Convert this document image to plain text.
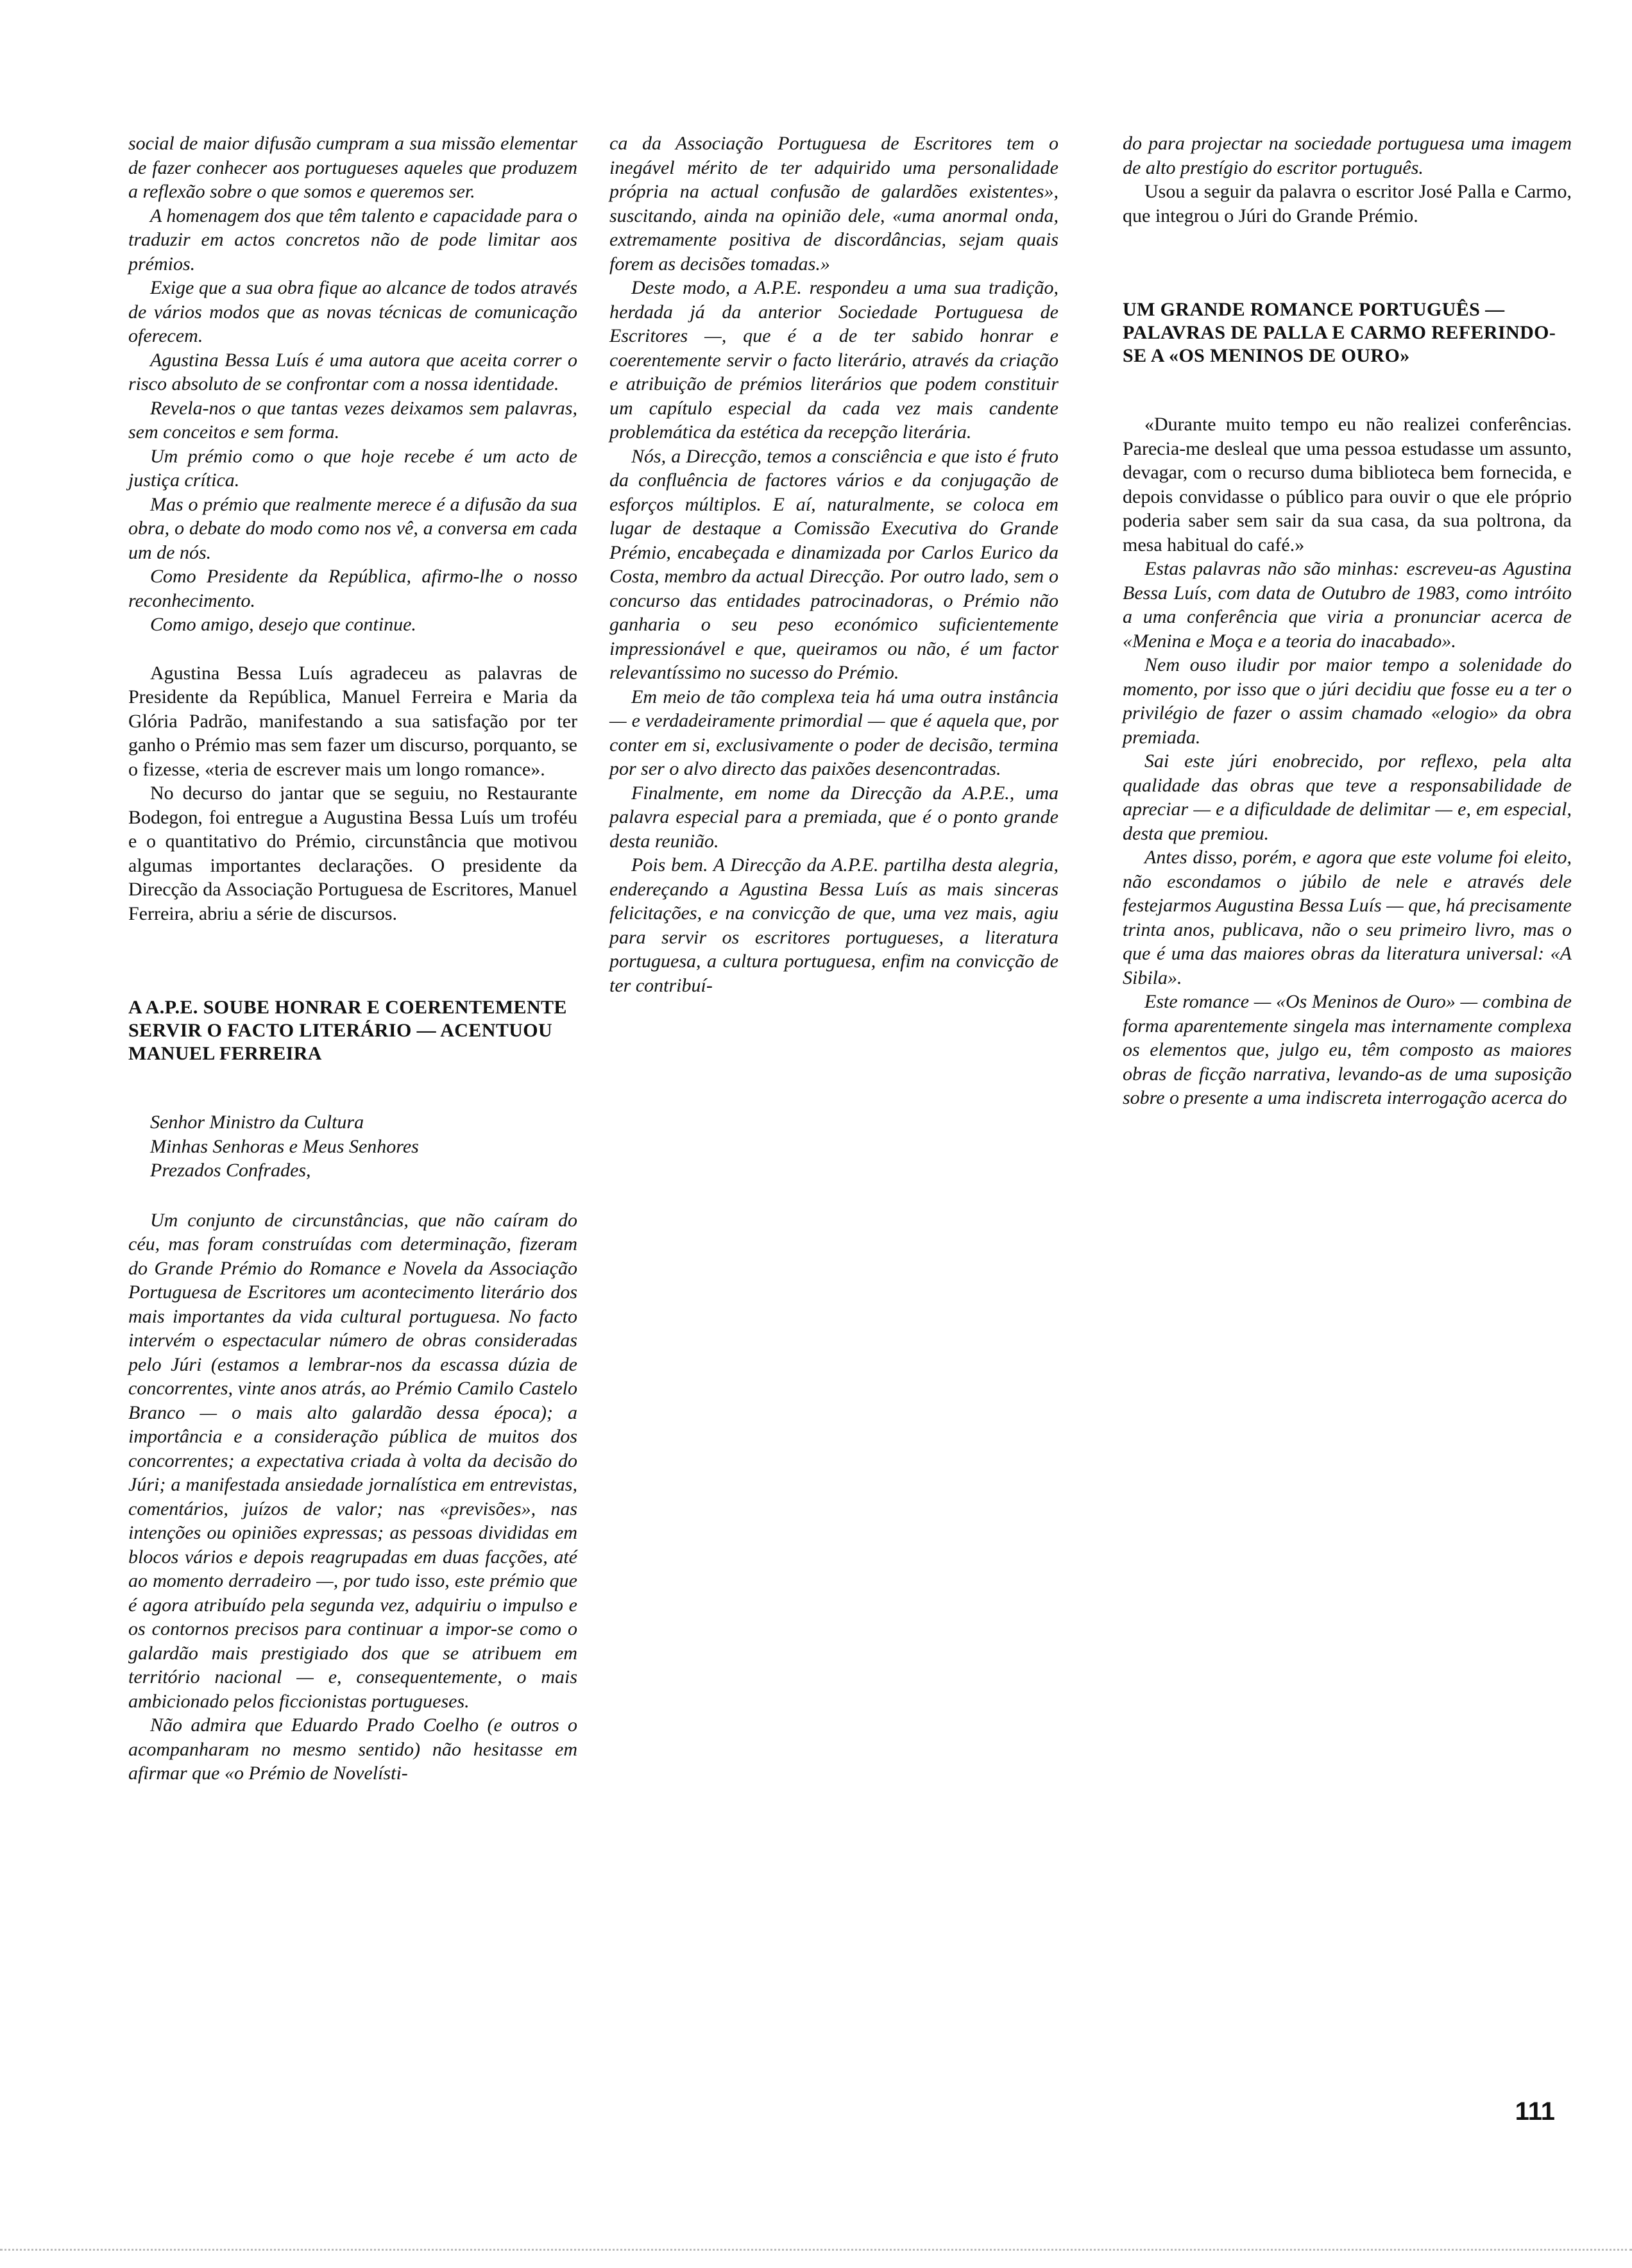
social de maior difusão cumpram a sua missão elementar de fazer conhecer aos portugueses aqueles que produzem a reflexão sobre o que somos e queremos ser.

A homenagem dos que têm talento e capacidade para o traduzir em actos concretos não de pode limitar aos prémios.

Exige que a sua obra fique ao alcance de todos através de vários modos que as novas técnicas de comunicação oferecem.

Agustina Bessa Luís é uma autora que aceita correr o risco absoluto de se confrontar com a nossa identidade.

Revela-nos o que tantas vezes deixamos sem palavras, sem conceitos e sem forma.

Um prémio como o que hoje recebe é um acto de justiça crítica.

Mas o prémio que realmente merece é a difusão da sua obra, o debate do modo como nos vê, a conversa em cada um de nós.

Como Presidente da República, afirmo-lhe o nosso reconhecimento.

Como amigo, desejo que continue.

Agustina Bessa Luís agradeceu as palavras de Presidente da República, Manuel Ferreira e Maria da Glória Padrão, manifestando a sua satisfação por ter ganho o Prémio mas sem fazer um discurso, porquanto, se o fizesse, «teria de escrever mais um longo romance».

No decurso do jantar que se seguiu, no Restaurante Bodegon, foi entregue a Augustina Bessa Luís um troféu e o quantitativo do Prémio, circunstância que motivou algumas importantes declarações. O presidente da Direcção da Associação Portuguesa de Escritores, Manuel Ferreira, abriu a série de discursos.

A A.P.E. SOUBE HONRAR E COERENTEMENTE SERVIR O FACTO LITERÁRIO — ACENTUOU MANUEL FERREIRA
Senhor Ministro da Cultura
Minhas Senhoras e Meus Senhores
Prezados Confrades,

Um conjunto de circunstâncias, que não caíram do céu, mas foram construídas com determinação, fizeram do Grande Prémio do Romance e Novela da Associação Portuguesa de Escritores um acontecimento literário dos mais importantes da vida cultural portuguesa. No facto intervém o espectacular número de obras consideradas pelo Júri (estamos a lembrar-nos da escassa dúzia de concorrentes, vinte anos atrás, ao Prémio Camilo Castelo Branco — o mais alto galardão dessa época); a importância e a consideração pública de muitos dos concorrentes; a expectativa criada à volta da decisão do Júri; a manifestada ansiedade jornalística em entrevistas, comentários, juízos de valor; nas «previsões», nas intenções ou opiniões expressas; as pessoas divididas em blocos vários e depois reagrupadas em duas facções, até ao momento derradeiro —, por tudo isso, este prémio que é agora atribuído pela segunda vez, adquiriu o impulso e os contornos precisos para continuar a impor-se como o galardão mais prestigiado dos que se atribuem em território nacional — e, consequentemente, o mais ambicionado pelos ficcionistas portugueses.

Não admira que Eduardo Prado Coelho (e outros o acompanharam no mesmo sentido) não hesitasse em afirmar que «o Prémio de Novelísti-

ca da Associação Portuguesa de Escritores tem o inegável mérito de ter adquirido uma personalidade própria na actual confusão de galardões existentes», suscitando, ainda na opinião dele, «uma anormal onda, extremamente positiva de discordâncias, sejam quais forem as decisões tomadas.»

Deste modo, a A.P.E. respondeu a uma sua tradição, herdada já da anterior Sociedade Portuguesa de Escritores —, que é a de ter sabido honrar e coerentemente servir o facto literário, através da criação e atribuição de prémios literários que podem constituir um capítulo especial da cada vez mais candente problemática da estética da recepção literária.

Nós, a Direcção, temos a consciência e que isto é fruto da confluência de factores vários e da conjugação de esforços múltiplos. E aí, naturalmente, se coloca em lugar de destaque a Comissão Executiva do Grande Prémio, encabeçada e dinamizada por Carlos Eurico da Costa, membro da actual Direcção. Por outro lado, sem o concurso das entidades patrocinadoras, o Prémio não ganharia o seu peso económico suficientemente impressionável e que, queiramos ou não, é um factor relevantíssimo no sucesso do Prémio.

Em meio de tão complexa teia há uma outra instância — e verdadeiramente primordial — que é aquela que, por conter em si, exclusivamente o poder de decisão, termina por ser o alvo directo das paixões desencontradas.

Finalmente, em nome da Direcção da A.P.E., uma palavra especial para a premiada, que é o ponto grande desta reunião.

Pois bem. A Direcção da A.P.E. partilha desta alegria, endereçando a Agustina Bessa Luís as mais sinceras felicitações, e na convicção de que, uma vez mais, agiu para servir os escritores portugueses, a literatura portuguesa, a cultura portuguesa, enfim na convicção de ter contribuí-

do para projectar na sociedade portuguesa uma imagem de alto prestígio do escritor português.

Usou a seguir da palavra o escritor José Palla e Carmo, que integrou o Júri do Grande Prémio.

UM GRANDE ROMANCE PORTUGUÊS — PALAVRAS DE PALLA E CARMO REFERINDO-SE A «OS MENINOS DE OURO»

«Durante muito tempo eu não realizei conferências. Parecia-me desleal que uma pessoa estudasse um assunto, devagar, com o recurso duma biblioteca bem fornecida, e depois convidasse o público para ouvir o que ele próprio poderia saber sem sair da sua casa, da sua poltrona, da mesa habitual do café.»

Estas palavras não são minhas: escreveu-as Agustina Bessa Luís, com data de Outubro de 1983, como intróito a uma conferência que viria a pronunciar acerca de «Menina e Moça e a teoria do inacabado».

Nem ouso iludir por maior tempo a solenidade do momento, por isso que o júri decidiu que fosse eu a ter o privilégio de fazer o assim chamado «elogio» da obra premiada.

Sai este júri enobrecido, por reflexo, pela alta qualidade das obras que teve a responsabilidade de apreciar — e a dificuldade de delimitar — e, em especial, desta que premiou.

Antes disso, porém, e agora que este volume foi eleito, não escondamos o júbilo de nele e através dele festejarmos Augustina Bessa Luís — que, há precisamente trinta anos, publicava, não o seu primeiro livro, mas o que é uma das maiores obras da literatura universal: «A Sibila».

Este romance — «Os Meninos de Ouro» — combina de forma aparentemente singela mas internamente complexa os elementos que, julgo eu, têm composto as maiores obras de ficção narrativa, levando-as de uma suposição sobre o presente a uma indiscreta interrogação acerca do

111
